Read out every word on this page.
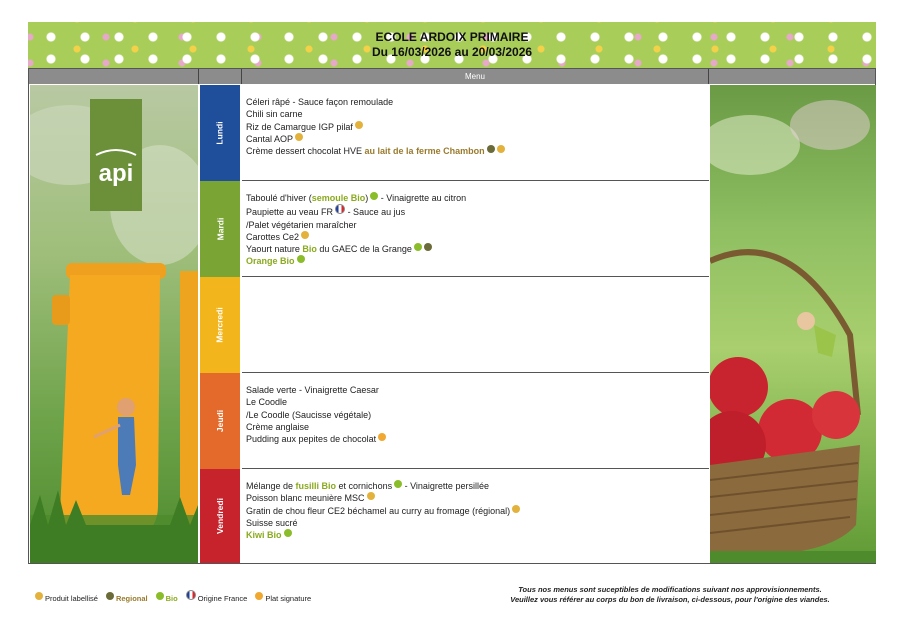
ECOLE ARDOIX PRIMAIRE
Du 16/03/2026 au 20/03/2026
Menu
api
Lundi
Mardi
Mercredi
Jeudi
Vendredi
Céleri râpé - Sauce façon remoulade
Chili sin carne
Riz de Camargue IGP pilaf
Cantal AOP
Crème dessert chocolat HVE au lait de la ferme Chambon
Taboulé d'hiver (semoule Bio) - Vinaigrette au citron
Paupiette au veau FR - Sauce au jus
/Palet végétarien maraîcher
Carottes Ce2
Yaourt nature Bio du GAEC de la Grange
Orange Bio
Salade verte - Vinaigrette Caesar
Le Coodle
/Le Coodle (Saucisse végétale)
Crème anglaise
Pudding aux pepites de chocolat
Mélange de fusilli Bio et cornichons - Vinaigrette persillée
Poisson blanc meunière MSC
Gratin de chou fleur CE2 béchamel au curry au fromage (régional)
Suisse sucré
Kiwi Bio
Produit labellisé Regional Bio	Origine France Plat signature
Tous nos menus sont suceptibles de modifications suivant nos approvisionnements.
Veuillez vous référer au corps du bon de livraison, ci-dessous, pour l'origine des viandes.
